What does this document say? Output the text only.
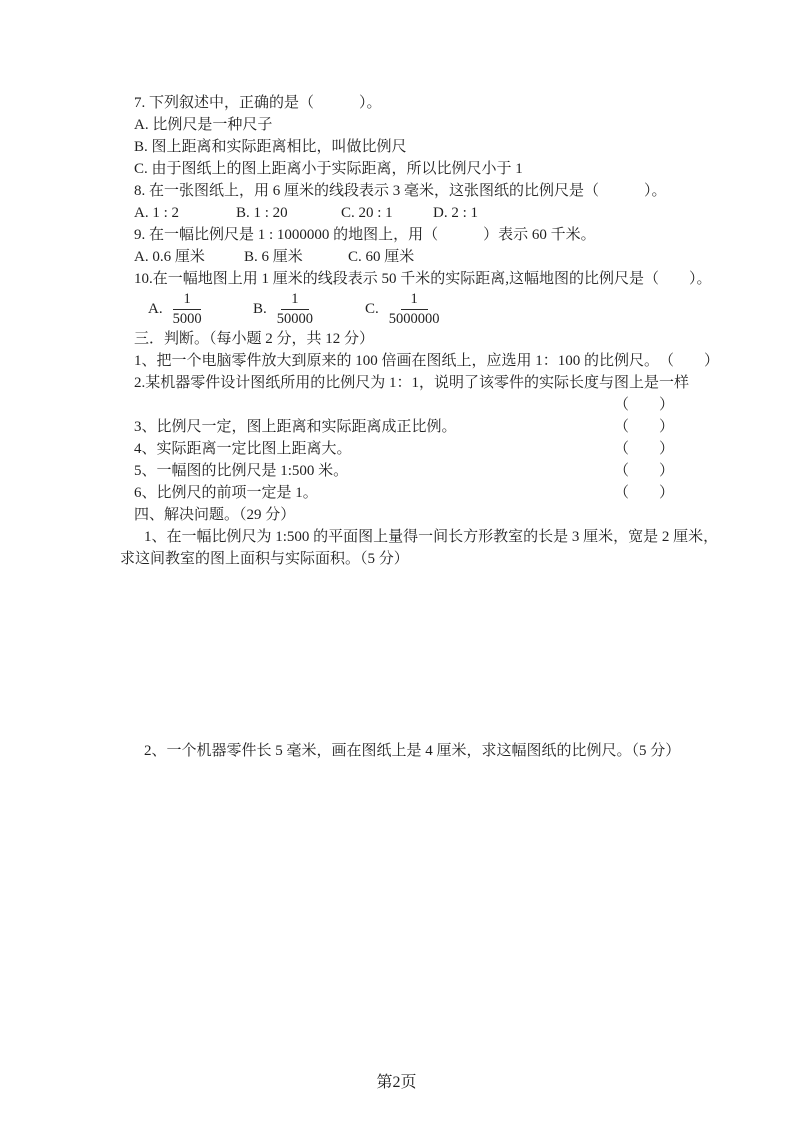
7. 下列叙述中，正确的是（　　　）。
A. 比例尺是一种尺子
B. 图上距离和实际距离相比，叫做比例尺
C. 由于图纸上的图上距离小于实际距离，所以比例尺小于 1
8. 在一张图纸上，用 6 厘米的线段表示 3 毫米，这张图纸的比例尺是（　　　）。
A. 1 : 2	B. 1 : 20	C. 20 : 1	D. 2 : 1
9. 在一幅比例尺是 1 : 1000000 的地图上，用（　　　）表示 60 千米。
A. 0.6 厘米	B. 6 厘米	C. 60 厘米
10.在一幅地图上用 1 厘米的线段表示 50 千米的实际距离,这幅地图的比例尺是（　　）。
A. $\frac{1}{5000}$	B. $\frac{1}{50000}$	C. $\frac{1}{5000000}$
三．判断。（每小题 2 分，共 12 分）
1、把一个电脑零件放大到原来的 100 倍画在图纸上，应选用 1：100 的比例尺。 （　　）
2.某机器零件设计图纸所用的比例尺为 1：1，说明了该零件的实际长度与图上是一样
（　　）
3、比例尺一定，图上距离和实际距离成正比例。	（　　）
4、实际距离一定比图上距离大。	（　　）
5、一幅图的比例尺是 1:500 米。	（　　）
6、比例尺的前项一定是 1。	（　　）
四、解决问题。（29 分）
1、在一幅比例尺为 1:500 的平面图上量得一间长方形教室的长是 3 厘米，宽是 2 厘米，
求这间教室的图上面积与实际面积。（5 分）
2、一个机器零件长 5 毫米，画在图纸上是 4 厘米，求这幅图纸的比例尺。（5 分）
第2页
